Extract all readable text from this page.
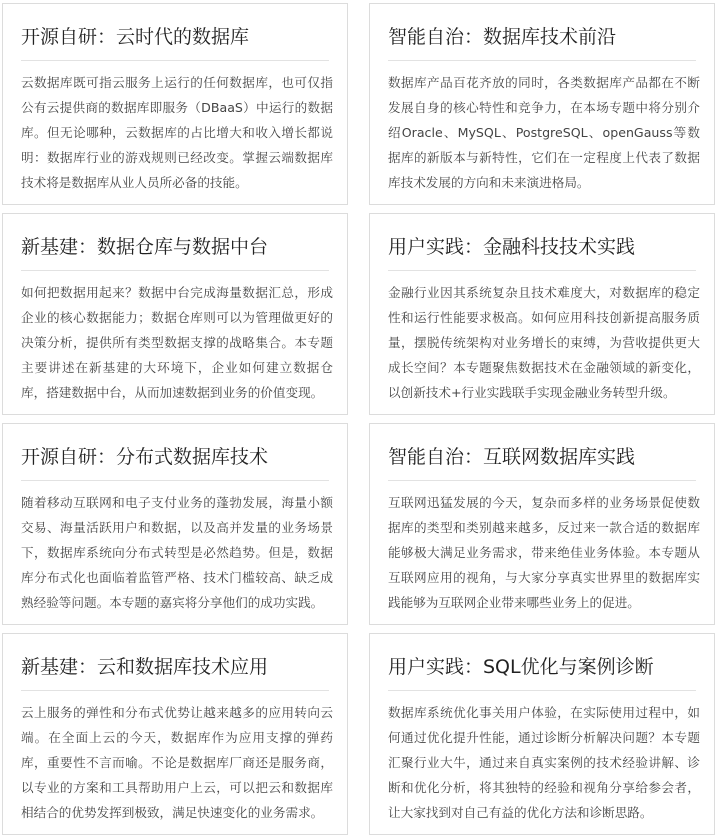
开源自研：云时代的数据库
云数据库既可指云服务上运行的任何数据库，也可仅指公有云提供商的数据库即服务（DBaaS）中运行的数据库。但无论哪种，云数据库的占比增大和收入增长都说明：数据库行业的游戏规则已经改变。掌握云端数据库技术将是数据库从业人员所必备的技能。
智能自治：数据库技术前沿
数据库产品百花齐放的同时，各类数据库产品都在不断发展自身的核心特性和竞争力，在本场专题中将分别介绍Oracle、MySQL、PostgreSQL、openGauss等数据库的新版本与新特性，它们在一定程度上代表了数据库技术发展的方向和未来演进格局。
新基建：数据仓库与数据中台
如何把数据用起来？数据中台完成海量数据汇总，形成企业的核心数据能力；数据仓库则可以为管理做更好的决策分析，提供所有类型数据支撑的战略集合。本专题主要讲述在新基建的大环境下，企业如何建立数据仓库，搭建数据中台，从而加速数据到业务的价值变现。
用户实践：金融科技技术实践
金融行业因其系统复杂且技术难度大，对数据库的稳定性和运行性能要求极高。如何应用科技创新提高服务质量，摆脱传统架构对业务增长的束缚，为营收提供更大成长空间？本专题聚焦数据技术在金融领域的新变化，以创新技术+行业实践联手实现金融业务转型升级。
开源自研：分布式数据库技术
随着移动互联网和电子支付业务的蓬勃发展，海量小额交易、海量活跃用户和数据，以及高并发量的业务场景下，数据库系统向分布式转型是必然趋势。但是，数据库分布式化也面临着监管严格、技术门槛较高、缺乏成熟经验等问题。本专题的嘉宾将分享他们的成功实践。
智能自治：互联网数据库实践
互联网迅猛发展的今天，复杂而多样的业务场景促使数据库的类型和类别越来越多，反过来一款合适的数据库能够极大满足业务需求，带来绝佳业务体验。本专题从互联网应用的视角，与大家分享真实世界里的数据库实践能够为互联网企业带来哪些业务上的促进。
新基建：云和数据库技术应用
云上服务的弹性和分布式优势让越来越多的应用转向云端。在全面上云的今天，数据库作为应用支撑的弹药库，重要性不言而喻。不论是数据库厂商还是服务商，以专业的方案和工具帮助用户上云，可以把云和数据库相结合的优势发挥到极致，满足快速变化的业务需求。
用户实践：SQL优化与案例诊断
数据库系统优化事关用户体验，在实际使用过程中，如何通过优化提升性能，通过诊断分析解决问题？本专题汇聚行业大牛，通过来自真实案例的技术经验讲解、诊断和优化分析，将其独特的经验和视角分享给参会者，让大家找到对自己有益的优化方法和诊断思路。
